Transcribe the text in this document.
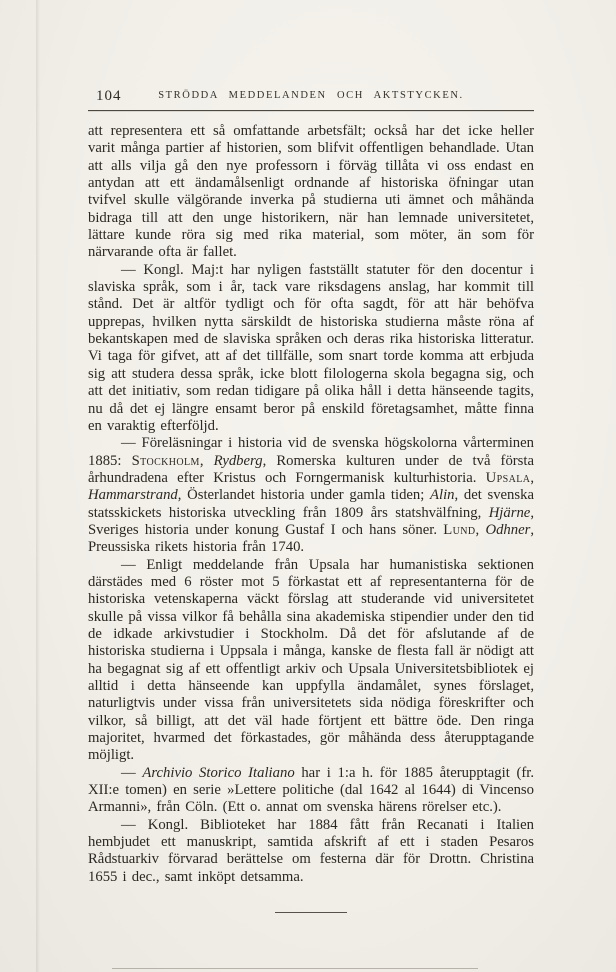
104	STRÖDDA MEDDELANDEN OCH AKTSTYCKEN.

att representera ett så omfattande arbetsfält; också har det icke heller varit många partier af historien, som blifvit offentligen behandlade. Utan att alls vilja gå den nye professorn i förväg tillåta vi oss endast en antydan att ett ändamålsenligt ordnande af historiska öfningar utan tvifvel skulle välgörande inverka på studierna uti ämnet och måhända bidraga till att den unge historikern, när han lemnade universitetet, lättare kunde röra sig med rika material, som möter, än som för närvarande ofta är fallet.

— Kongl. Maj:t har nyligen fastställt statuter för den docentur i slaviska språk, som i år, tack vare riksdagens anslag, har kommit till stånd. Det är altför tydligt och för ofta sagdt, för att här behöfva upprepas, hvilken nytta särskildt de historiska studierna måste röna af bekantskapen med de slaviska språken och deras rika historiska litteratur. Vi taga för gifvet, att af det tillfälle, som snart torde komma att erbjuda sig att studera dessa språk, icke blott filologerna skola begagna sig, och att det initiativ, som redan tidigare på olika håll i detta hänseende tagits, nu då det ej längre ensamt beror på enskild företagsamhet, måtte finna en varaktig efterföljd.

— Föreläsningar i historia vid de svenska högskolorna vårterminen 1885: Stockholm, Rydberg, Romerska kulturen under de två första århundradena efter Kristus och Forngermanisk kulturhistoria. Upsala, Hammarstrand, Österlandet historia under gamla tiden; Alin, det svenska statsskickets historiska utveckling från 1809 års statshvälfning, Hjärne, Sveriges historia under konung Gustaf I och hans söner. Lund, Odhner, Preussiska rikets historia från 1740.

— Enligt meddelande från Upsala har humanistiska sektionen därstädes med 6 röster mot 5 förkastat ett af representanterna för de historiska vetenskaperna väckt förslag att studerande vid universitetet skulle på vissa vilkor få behålla sina akademiska stipendier under den tid de idkade arkivstudier i Stockholm. Då det för afslutande af de historiska studierna i Uppsala i många, kanske de flesta fall är nödigt att ha begagnat sig af ett offentligt arkiv och Upsala Universitetsbibliotek ej alltid i detta hänseende kan uppfylla ändamålet, synes förslaget, naturligtvis under vissa från universitetets sida nödiga föreskrifter och vilkor, så billigt, att det väl hade förtjent ett bättre öde. Den ringa majoritet, hvarmed det förkastades, gör måhända dess återupptagande möjligt.

— Archivio Storico Italiano har i 1:a h. för 1885 återupptagit (fr. XII:e tomen) en serie »Lettere politiche (dal 1642 al 1644) di Vincenso Armanni», från Cöln. (Ett o. annat om svenska härens rörelser etc.).

— Kongl. Biblioteket har 1884 fått från Recanati i Italien hembjudet ett manuskript, samtida afskrift af ett i staden Pesaros Rådstuarkiv förvarad berättelse om festerna där för Drottn. Christina 1655 i dec., samt inköpt detsamma.
